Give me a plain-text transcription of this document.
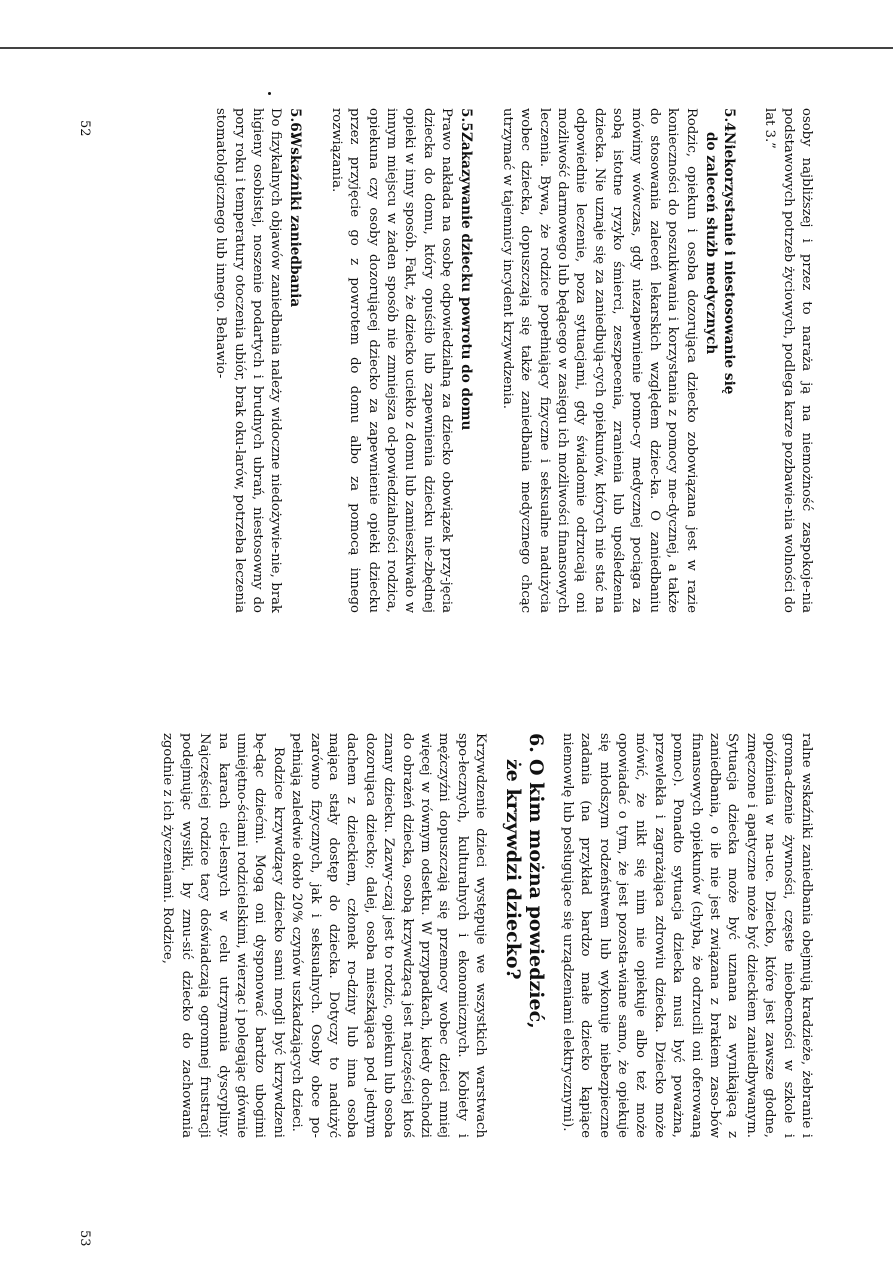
osoby najbliższej i przez to naraża ją na niemożność zaspokoje-nia podstawowych potrzeb życiowych, podlega karze pozbawie-nia wolności do lat 3.”

5.4.Niekorzystanie i niestosowanie się
do zaleceń służb medycznych

Rodzic, opiekun i osoba dozorująca dziecko zobowiązana jest w razie konieczności do poszukiwania i korzystania z pomocy me-dycznej, a także do stosowania zaleceń lekarskich względem dziec-ka. O zaniedbaniu mówimy wówczas, gdy niezapewnienie pomo-cy medycznej pociąga za sobą istotne ryzyko śmierci, zeszpecenia, zranienia lub upośledzenia dziecka. Nie uznaje się za zaniedbują-cych opiekunów, których nie stać na odpowiednie leczenie, poza sytuacjami, gdy świadomie odrzucają oni możliwość darmowego lub będącego w zasięgu ich możliwości finansowych leczenia. Bywa, że rodzice popełniający fizyczne i seksualne nadużycia wobec dziecka, dopuszczają się także zaniedbania medycznego chcąc utrzymać w tajemnicy incydent krzywdzenia.

5.5.Zakazywanie dziecku powrotu do domu

Prawo nakłada na osobę odpowiedzialną za dziecko obowiązek przy-jęcia dziecka do domu, który opuściło lub zapewnienia dziecku nie-zbędnej opieki w inny sposób. Fakt, że dziecko uciekło z domu lub zamieszkiwało w innym miejscu w żaden sposób nie zmniejsza od-powiedzialności rodzica, opiekuna czy osoby dozorującej dziecko za zapewnienie opieki dziecku przez przyjęcie go z powrotem do domu albo za pomocą innego rozwiązania.

5.6.Wskaźniki zaniedbania

Do fizykalnych objawów zaniedbania należy widoczne niedożywie-nie, brak higieny osobistej, noszenie podartych i brudnych ubrań, niestosowny do pory roku i temperatury otoczenia ubiór, brak oku-larów, potrzeba leczenia stomatologicznego lub innego. Behawio-

ralne wskaźniki zaniedbania obejmują kradzieże, żebranie i groma-dzenie żywności, częste nieobecności w szkole i opóźnienia w na-uce. Dziecko, które jest zawsze głodne, zmęczone i apatyczne może być dzieckiem zaniedbywanym. Sytuacja dziecka może być uznana za wynikającą z zaniedbania, o ile nie jest związana z brakiem zaso-bów finansowych opiekunów (chyba, że odrzucili oni oferowaną pomoc). Ponadto sytuacja dziecka musi być poważna, przewlekła i zagrażająca zdrowiu dziecka. Dziecko może mówić, że nikt się nim nie opiekuje albo też może opowiadać o tym, że jest pozosta-wiane samo, że opiekuje się młodszym rodzeństwem lub wykonuje niebezpieczne zadania (na przykład bardzo małe dziecko kąpiące niemowlę lub posługujące się urządzeniami elektrycznymi).

6.O kim można powiedzieć,
że krzywdzi dziecko?

Krzywdzenie dzieci występuje we wszystkich warstwach spo-łecznych, kulturalnych i ekonomicznych. Kobiety i mężczyźni dopuszczają się przemocy wobec dzieci mniej więcej w równym odsetku. W przypadkach, kiedy dochodzi do obrażeń dziecka, osobą krzywdzącą jest najczęściej ktoś znany dziecku. Zazwy-czaj jest to rodzic, opiekun lub osoba dozorująca dziecko; dalej, osoba mieszkająca pod jednym dachem z dzieckiem, członek ro-dziny lub inna osoba mająca stały dostęp do dziecka. Dotyczy to nadużyć zarówno fizycznych, jak i seksualnych. Osoby obce po-pełniają zaledwie około 20% czynów uszkadzających dzieci.

Rodzice krzywdzący dziecko sami mogli być krzywdzeni bę-dąc dziećmi. Mogą oni dysponować bardzo ubogimi umiejętno-ściami rodzicielskimi, wierząc i polegając głównie na karach cie-lesnych w celu utrzymania dyscypliny. Najczęściej rodzice tacy doświadczają ogromnej frustracji podejmując wysiłki, by zmu-sić dziecko do zachowania zgodnie z ich życzeniami. Rodzice,

52
53
